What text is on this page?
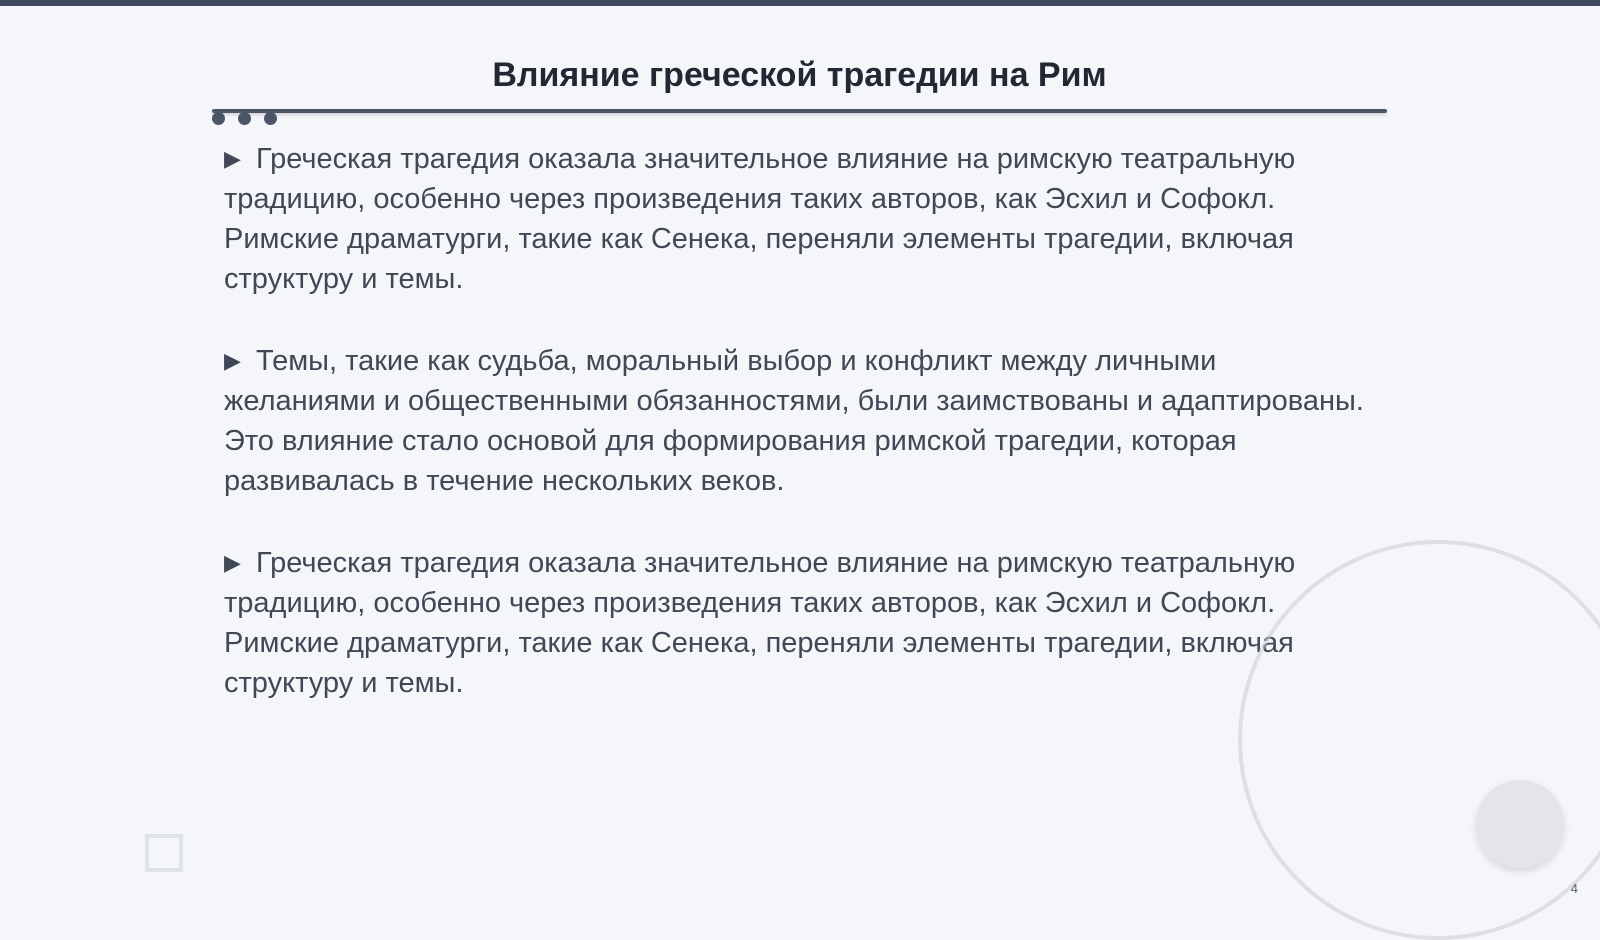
Влияние греческой трагедии на Рим

▶ Греческая трагедия оказала значительное влияние на римскую театральную традицию, особенно через произведения таких авторов, как Эсхил и Софокл. Римские драматурги, такие как Сенека, переняли элементы трагедии, включая структуру и темы.

▶ Темы, такие как судьба, моральный выбор и конфликт между личными желаниями и общественными обязанностями, были заимствованы и адаптированы. Это влияние стало основой для формирования римской трагедии, которая развивалась в течение нескольких веков.

▶ Греческая трагедия оказала значительное влияние на римскую театральную традицию, особенно через произведения таких авторов, как Эсхил и Софокл. Римские драматурги, такие как Сенека, переняли элементы трагедии, включая структуру и темы.

4
